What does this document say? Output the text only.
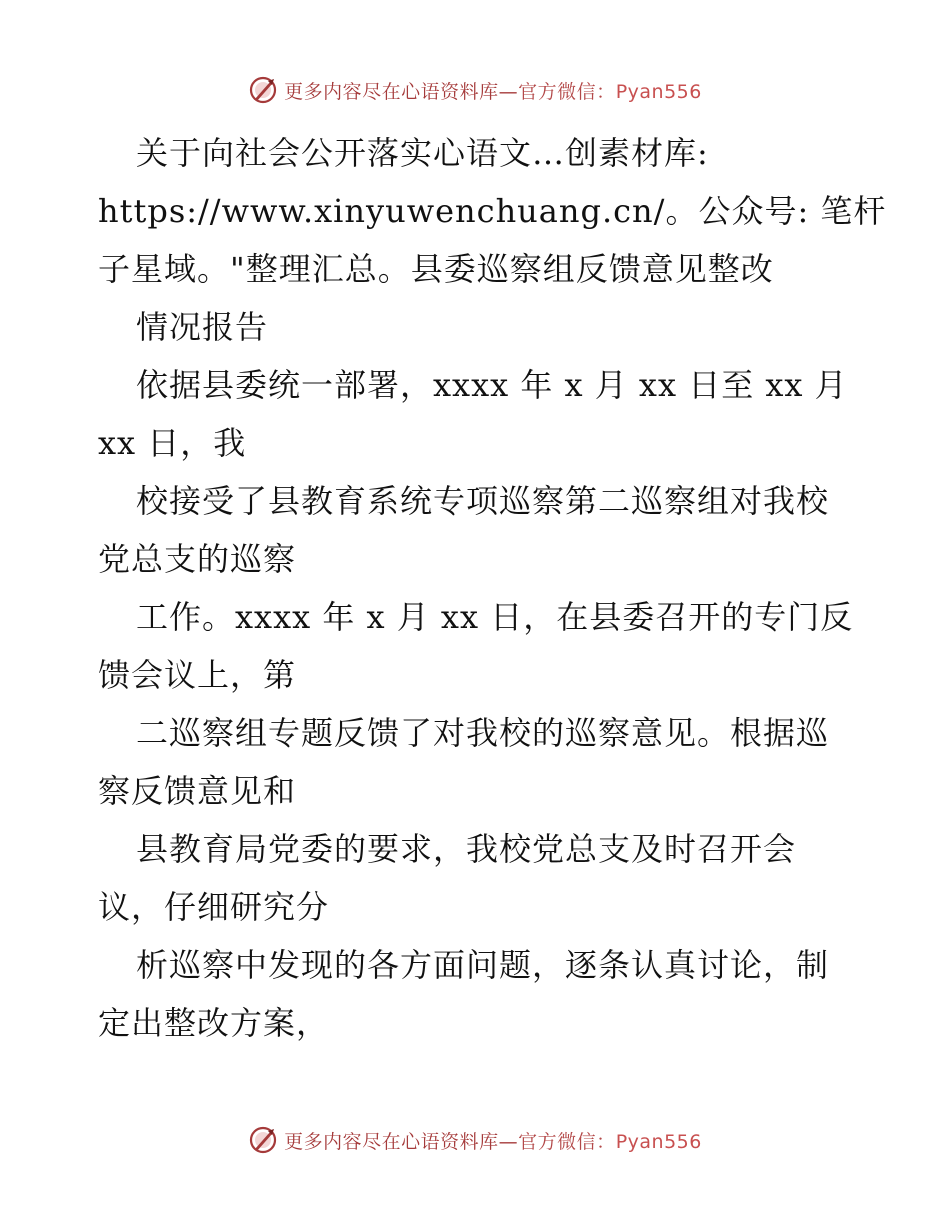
更多内容尽在心语资料库—官方微信：Pyan556

关于向社会公开落实心语文…创素材库:

https://www.xinyuwenchuang.cn/。公众号: 笔杆

子星域。"整理汇总。县委巡察组反馈意见整改

情况报告

依据县委统一部署，xxxx 年 x 月 xx 日至 xx 月

xx 日，我

校接受了县教育系统专项巡察第二巡察组对我校

党总支的巡察

工作。xxxx 年 x 月 xx 日，在县委召开的专门反

馈会议上，第

二巡察组专题反馈了对我校的巡察意见。根据巡

察反馈意见和

县教育局党委的要求，我校党总支及时召开会

议，仔细研究分

析巡察中发现的各方面问题，逐条认真讨论，制

定出整改方案，

更多内容尽在心语资料库—官方微信：Pyan556
